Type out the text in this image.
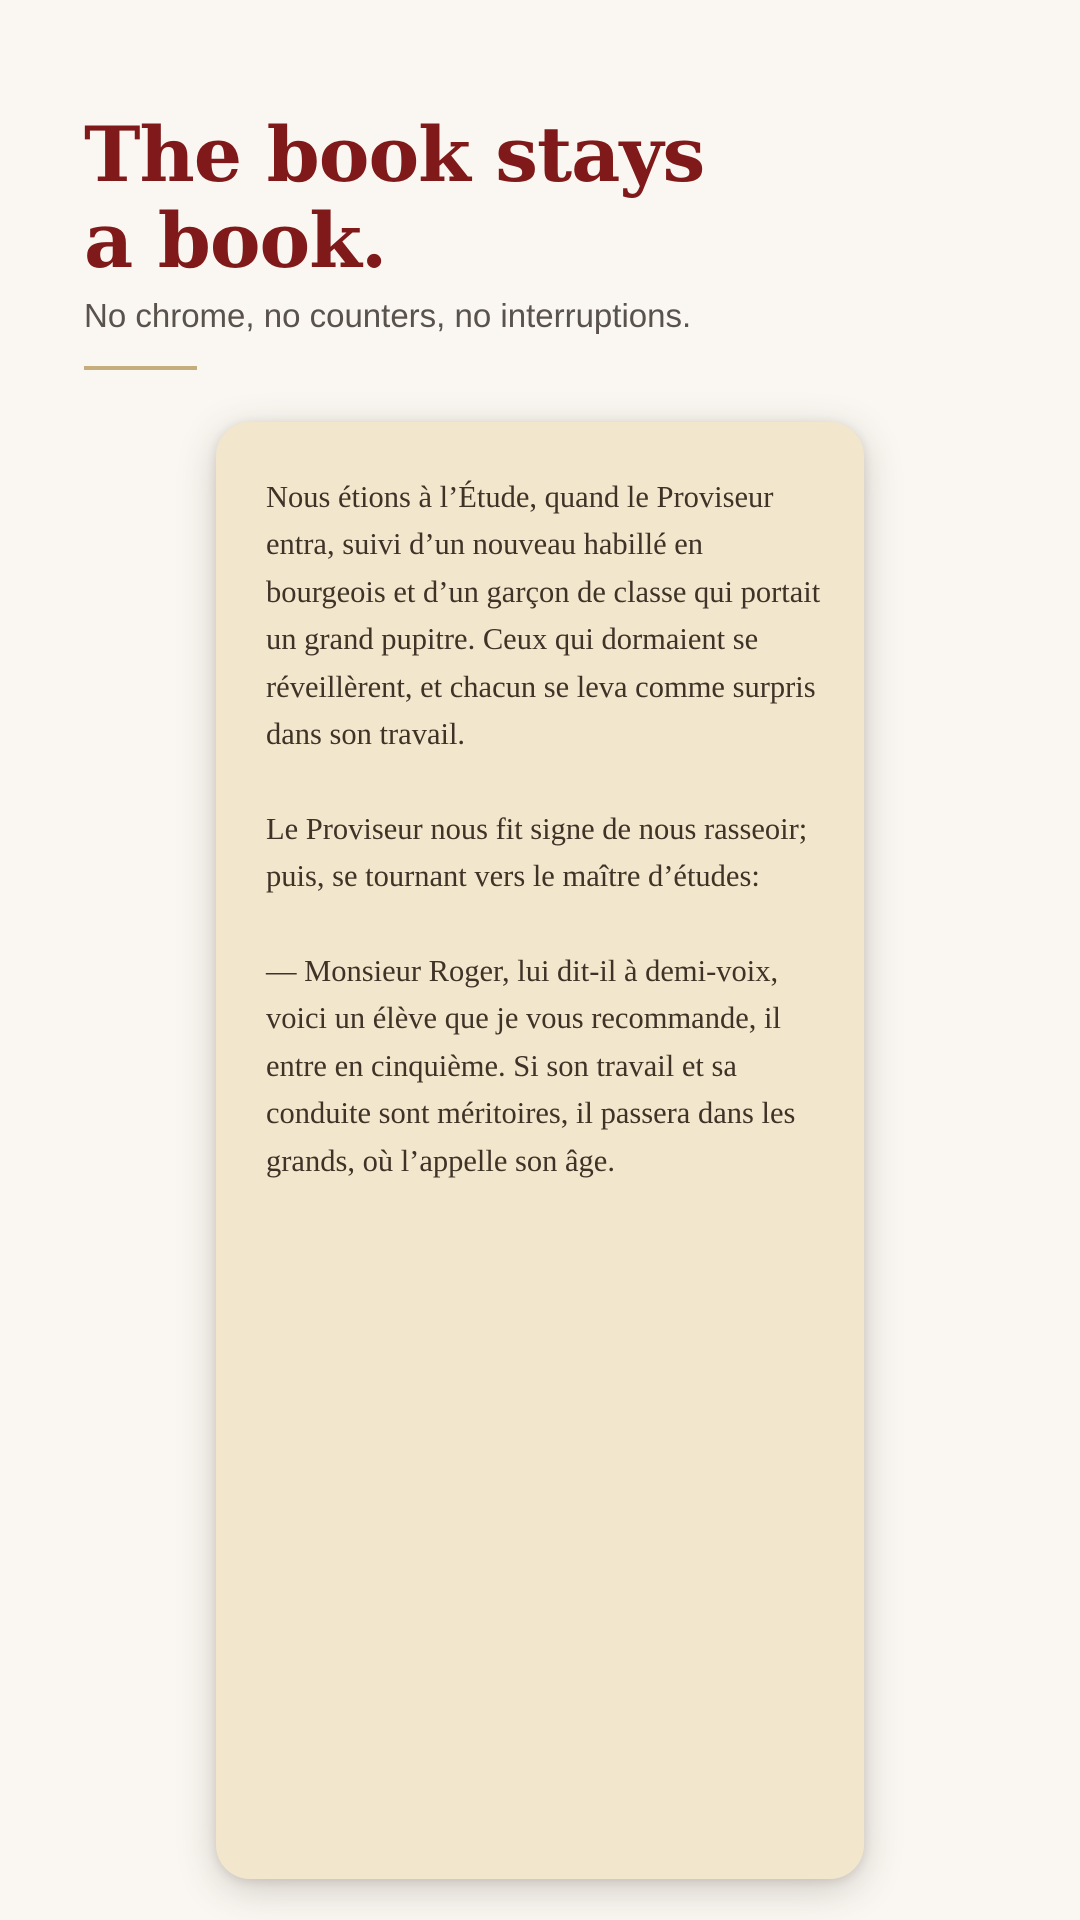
The book stays
a book.

No chrome, no counters, no interruptions.

Nous étions à l’Étude, quand le Proviseur entra, suivi d’un nouveau habillé en bourgeois et d’un garçon de classe qui portait un grand pupitre. Ceux qui dormaient se réveillèrent, et chacun se leva comme surpris dans son travail.

Le Proviseur nous fit signe de nous rasseoir; puis, se tournant vers le maître d’études:

— Monsieur Roger, lui dit-il à demi-voix, voici un élève que je vous recommande, il entre en cinquième. Si son travail et sa conduite sont méritoires, il passera dans les grands, où l’appelle son âge.
